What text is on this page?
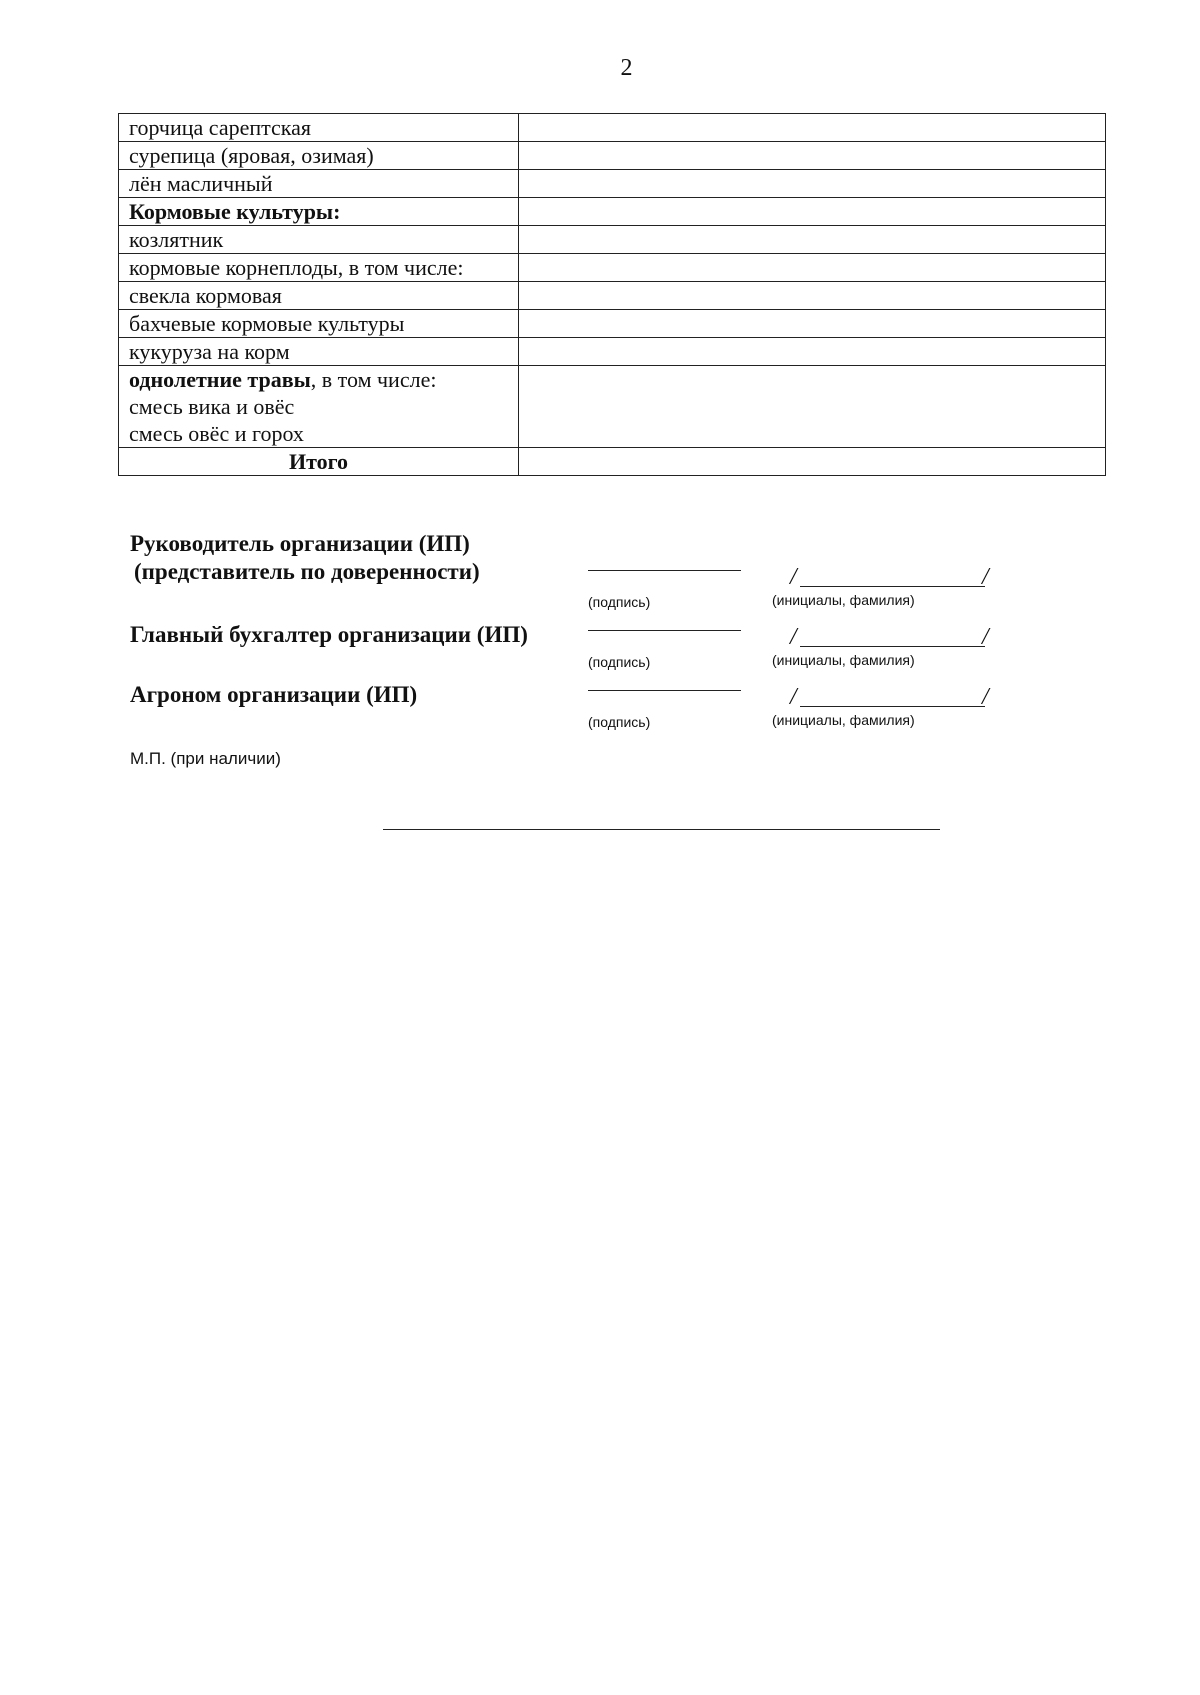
2
горчица сарептская	
сурепица (яровая, озимая)	
лён масличный	
Кормовые культуры:	
козлятник	
кормовые корнеплоды, в том числе:	
свекла кормовая	
бахчевые кормовые культуры	
кукуруза на корм	
однолетние травы, в том числе:
смесь вика и овёс
смесь овёс и горох	
Итого	
Руководитель организации (ИП)
(представитель по доверенности)
(подпись)
/	/
(инициалы, фамилия)
Главный бухгалтер организации (ИП)
(подпись)
/	/
(инициалы, фамилия)
Агроном организации (ИП)
(подпись)
/	/
(инициалы, фамилия)
М.П. (при наличии)
